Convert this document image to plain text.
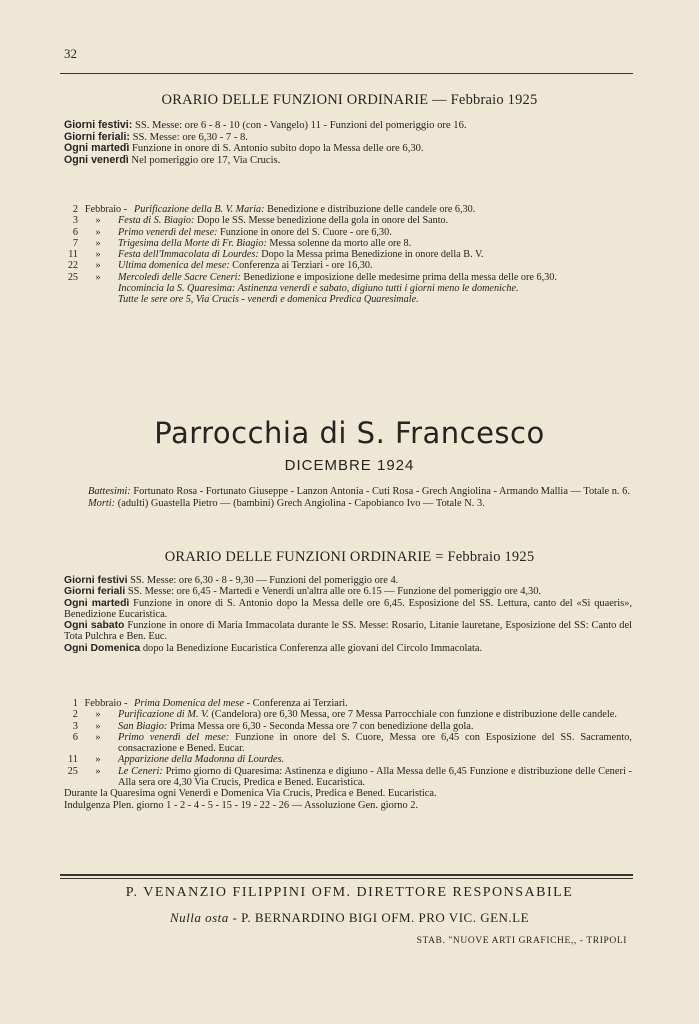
32
ORARIO DELLE FUNZIONI ORDINARIE — Febbraio 1925
Giorni festivi: SS. Messe: ore 6 - 8 - 10 (con - Vangelo) 11 - Funzioni del pomeriggio ore 16.
Giorni feriali: SS. Messe: ore 6,30 - 7 - 8.
Ogni martedì Funzione in onore di S. Antonio subito dopo la Messa delle ore 6,30.
Ogni venerdì Nel pomeriggio ore 17, Via Crucis.
2 Febbraio - Purificazione della B. V. Maria: Benedizione e distribuzione delle candele ore 6,30.
3	»	Festa di S. Biagio: Dopo le SS. Messe benedizione della gola in onore del Santo.
6	»	Primo venerdì del mese: Funzione in onore del S. Cuore - ore 6,30.
7	»	Trigesima della Morte di Fr. Biagio: Messa solenne da morto alle ore 8.
11	»	Festa dell'Immacolata di Lourdes: Dopo la Messa prima Benedizione in onore della B. V.
22	»	Ultima domenica del mese: Conferenza ai Terziari - ore 16,30.
25	»	Mercoledì delle Sacre Ceneri: Benedizione e imposizione delle medesime prima della messa delle ore 6,30.
Incomincia la S. Quaresima: Astinenza venerdì e sabato, digiuno tutti i giorni meno le domeniche.
Tutte le sere ore 5, Via Crucis - venerdì e domenica Predica Quaresimale.
Parrocchia di S. Francesco
DICEMBRE 1924
Battesimi: Fortunato Rosa - Fortunato Giuseppe - Lanzon Antonia - Cuti Rosa - Grech Angiolina - Armando Mallia — Totale n. 6.
Morti: (adulti) Guastella Pietro — (bambini) Grech Angiolina - Capobianco Ivo — Totale N. 3.
ORARIO DELLE FUNZIONI ORDINARIE = Febbraio 1925
Giorni festivi SS. Messe: ore 6,30 - 8 - 9,30 — Funzioni del pomeriggio ore 4.
Giorni feriali SS. Messe: ore 6,45 - Martedì e Venerdì un'altra alle ore 6.15 — Funzione del pomeriggio ore 4,30.
Ogni martedì Funzione in onore di S. Antonio dopo la Messa delle ore 6,45. Esposizione del SS. Lettura, canto del «Si quaeris», Benedizione Eucaristica.
Ogni sabato Funzione in onore di Maria Immacolata durante le SS. Messe: Rosario, Litanie lauretane, Esposizione del SS: Canto del Tota Pulchra e Ben. Euc.
Ogni Domenica dopo la Benedizione Eucaristica Conferenza alle giovani del Circolo Immacolata.
1 Febbraio - Prima Domenica del mese - Conferenza ai Terziari.
2	»	Purificazione di M. V. (Candelora) ore 6,30 Messa, ore 7 Messa Parrocchiale con funzione e distribuzione delle candele.
3	»	San Biagio: Prima Messa ore 6,30 - Seconda Messa ore 7 con benedizione della gola.
6	»	Primo venerdì del mese: Funzione in onore del S. Cuore, Messa ore 6,45 con Esposizione del SS. Sacramento, consacrazione e Bened. Eucar.
11	»	Apparizione della Madonna di Lourdes.
25	»	Le Ceneri: Primo giorno di Quaresima: Astinenza e digiuno - Alla Messa delle 6,45 Funzione e distribuzione delle Ceneri - Alla sera ore 4,30 Via Crucis, Predica e Bened. Eucaristica.
Durante la Quaresima ogni Venerdì e Domenica Via Crucis, Predica e Bened. Eucaristica.
Indulgenza Plen. giorno 1 - 2 - 4 - 5 - 15 - 19 - 22 - 26 — Assoluzione Gen. giorno 2.
P. VENANZIO FILIPPINI OFM. DIRETTORE RESPONSABILE
Nulla osta - P. BERNARDINO BIGI OFM. PRO VIC. GEN.LE
STAB. "NUOVE ARTI GRAFICHE,, - TRIPOLI
